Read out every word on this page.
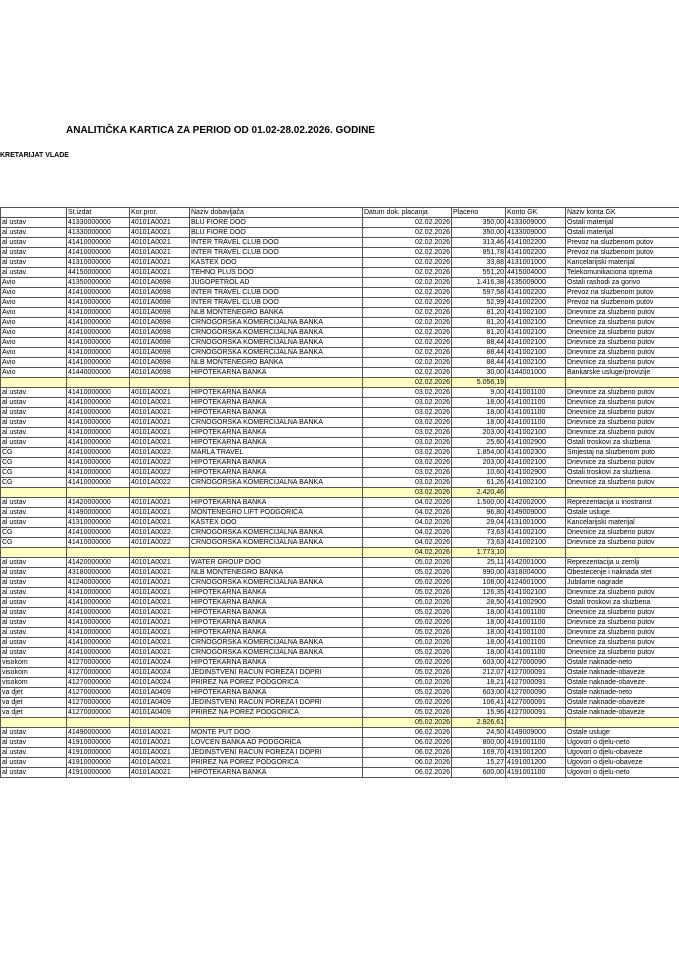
ANALITIČKA KARTICA ZA PERIOD OD 01.02-28.02.2026. GODINE
KRETARIJAT VLADE
	St.izdat	Kor.pror.	Naziv dobavljača	Datum dok. placanja	Placeno	Konto GK	Naziv konta GK
al ustav	41330000000	40101A0021	BLU FIORE DOO	02.02.2026	350,00	4133009000	Ostali materijal
al ustav	41330000000	40101A0021	BLU FIORE DOO	02.02.2026	350,00	4133009000	Ostali materijal
al ustav	41410000000	40101A0021	INTER TRAVEL CLUB DOO	02.02.2026	313,46	4141002200	Prevoz na sluzbenom putov
al ustav	41410000000	40101A0021	INTER TRAVEL CLUB DOO	02.02.2026	851,78	4141002200	Prevoz na sluzbenom putov
al ustav	41310000000	40101A0021	KASTEX DOO	02.02.2026	33,88	4131001000	Kancelarijski materijal
al ustav	44150000000	40101A0021	TEHNO PLUS DOO	02.02.2026	551,20	4415004000	Telekomunikaciona oprema
Avio	41350000000	40101A0698	JUGOPETROL AD	02.02.2026	1.416,38	4135009000	Ostali rashodi za gorivo
Avio	41410000000	40101A0698	INTER TRAVEL CLUB DOO	02.02.2026	597,58	4141002200	Prevoz na sluzbenom putov
Avio	41410000000	40101A0698	INTER TRAVEL CLUB DOO	02.02.2026	52,99	4141002200	Prevoz na sluzbenom putov
Avio	41410000000	40101A0698	NLB MONTENEGRO BANKA	02.02.2026	81,20	4141002100	Dnevnice za sluzbeno putov
Avio	41410000000	40101A0698	CRNOGORSKA KOMERCIJALNA BANKA	02.02.2026	81,20	4141002100	Dnevnice za sluzbeno putov
Avio	41410000000	40101A0698	CRNOGORSKA KOMERCIJALNA BANKA	02.02.2026	81,20	4141002100	Dnevnice za sluzbeno putov
Avio	41410000000	40101A0698	CRNOGORSKA KOMERCIJALNA BANKA	02.02.2026	88,44	4141002100	Dnevnice za sluzbeno putov
Avio	41410000000	40101A0698	CRNOGORSKA KOMERCIJALNA BANKA	02.02.2026	88,44	4141002100	Dnevnice za sluzbeno putov
Avio	41410000000	40101A0698	NLB MONTENEGRO BANKA	02.02.2026	88,44	4141002100	Dnevnice za sluzbeno putov
Avio	41440000000	40101A0698	HIPOTEKARNA BANKA	02.02.2026	30,00	4144001000	Bankarske usluge/provizije
				02.02.2026	5.056,19		
al ustav	41410000000	40101A0021	HIPOTEKARNA BANKA	03.02.2026	9,00	4141001100	Dnevnice za sluzbeno putov
al ustav	41410000000	40101A0021	HIPOTEKARNA BANKA	03.02.2026	18,00	4141001100	Dnevnice za sluzbeno putov
al ustav	41410000000	40101A0021	HIPOTEKARNA BANKA	03.02.2026	18,00	4141001100	Dnevnice za sluzbeno putov
al ustav	41410000000	40101A0021	CRNOGORSKA KOMERCIJALNA BANKA	03.02.2026	18,00	4141001100	Dnevnice za sluzbeno putov
al ustav	41410000000	40101A0021	HIPOTEKARNA BANKA	03.02.2026	203,00	4141002100	Dnevnice za sluzbeno putov
al ustav	41410000000	40101A0021	HIPOTEKARNA BANKA	03.02.2026	25,60	4141002900	Ostali troskovi za sluzbena
CG	41410000000	40101A0022	MARLA TRAVEL	03.02.2026	1.854,00	4141002300	Smjestaj na sluzbenom puto
CG	41410000000	40101A0022	HIPOTEKARNA BANKA	03.02.2026	203,00	4141002100	Dnevnice za sluzbeno putov
CG	41410000000	40101A0022	HIPOTEKARNA BANKA	03.02.2026	10,60	4141002900	Ostali troskovi za sluzbena
CG	41410000000	40101A0022	CRNOGORSKA KOMERCIJALNA BANKA	03.02.2026	61,26	4141002100	Dnevnice za sluzbeno putov
				03.02.2026	2.420,46		
al ustav	41420000000	40101A0021	HIPOTEKARNA BANKA	04.02.2026	1.500,00	4142002000	Reprezentacija u inostranst
al ustav	41490000000	40101A0021	MONTENEGRO LIFT PODGORICA	04.02.2026	96,80	4149009000	Ostale usluge
al ustav	41310000000	40101A0021	KASTEX DOO	04.02.2026	29,04	4131001000	Kancelarijski materijal
CG	41410000000	40101A0022	CRNOGORSKA KOMERCIJALNA BANKA	04.02.2026	73,63	4141002100	Dnevnice za sluzbeno putov
CG	41410000000	40101A0022	CRNOGORSKA KOMERCIJALNA BANKA	04.02.2026	73,63	4141002100	Dnevnice za sluzbeno putov
				04.02.2026	1.773,10		
al ustav	41420000000	40101A0021	WATER GROUP DOO	05.02.2026	25,11	4142001000	Reprezentacija u zemlji
al ustav	43180000000	40101A0021	NLB MONTENEGRO BANKA	05.02.2026	990,00	4318004000	Obestecenje i naknada stet
al ustav	41240000000	40101A0021	CRNOGORSKA KOMERCIJALNA BANKA	05.02.2026	108,00	4124001000	Jubilarne nagrade
al ustav	41410000000	40101A0021	HIPOTEKARNA BANKA	05.02.2026	126,35	4141002100	Dnevnice za sluzbeno putov
al ustav	41410000000	40101A0021	HIPOTEKARNA BANKA	05.02.2026	28,50	4141002900	Ostali troskovi za sluzbena
al ustav	41410000000	40101A0021	HIPOTEKARNA BANKA	05.02.2026	18,00	4141001100	Dnevnice za sluzbeno putov
al ustav	41410000000	40101A0021	HIPOTEKARNA BANKA	05.02.2026	18,00	4141001100	Dnevnice za sluzbeno putov
al ustav	41410000000	40101A0021	HIPOTEKARNA BANKA	05.02.2026	18,00	4141001100	Dnevnice za sluzbeno putov
al ustav	41410000000	40101A0021	CRNOGORSKA KOMERCIJALNA BANKA	05.02.2026	18,00	4141001100	Dnevnice za sluzbeno putov
al ustav	41410000000	40101A0021	CRNOGORSKA KOMERCIJALNA BANKA	05.02.2026	18,00	4141001100	Dnevnice za sluzbeno putov
visokom	41270000000	40101A0024	HIPOTEKARNA BANKA	05.02.2026	603,00	4127000090	Ostale naknade-neto
visokom	41270000000	40101A0024	JEDINSTVENI RACUN POREZA I DOPRI	05.02.2026	212,07	4127000091	Ostale naknade-obaveze
visokom	41270000000	40101A0024	PRIREZ NA POREZ PODGORICA	05.02.2026	18,21	4127000091	Ostale naknade-obaveze
va djet	41270000000	40101A0409	HIPOTEKARNA BANKA	05.02.2026	603,00	4127000090	Ostale naknade-neto
va djet	41270000000	40101A0409	JEDINSTVENI RACUN POREZA I DOPRI	05.02.2026	106,41	4127000091	Ostale naknade-obaveze
va djet	41270000000	40101A0409	PRIREZ NA POREZ PODGORICA	05.02.2026	15,96	4127000091	Ostale naknade-obaveze
				05.02.2026	2.926,61		
al ustav	41490000000	40101A0021	MONTE PUT DOO	06.02.2026	24,50	4149009000	Ostale usluge
al ustav	41910000000	40101A0021	LOVCEN BANKA AD PODGORICA	06.02.2026	800,00	4191001100	Ugovori o djelu-neto
al ustav	41910000000	40101A0021	JEDINSTVENI RACUN POREZA I DOPRI	06.02.2026	169,70	4191001200	Ugovori o djelu-obaveze
al ustav	41910000000	40101A0021	PRIREZ NA POREZ PODGORICA	06.02.2026	15,27	4191001200	Ugovori o djelu-obaveze
al ustav	41910000000	40101A0021	HIPOTEKARNA BANKA	06.02.2026	600,00	4191001100	Ugovori o djelu-neto
